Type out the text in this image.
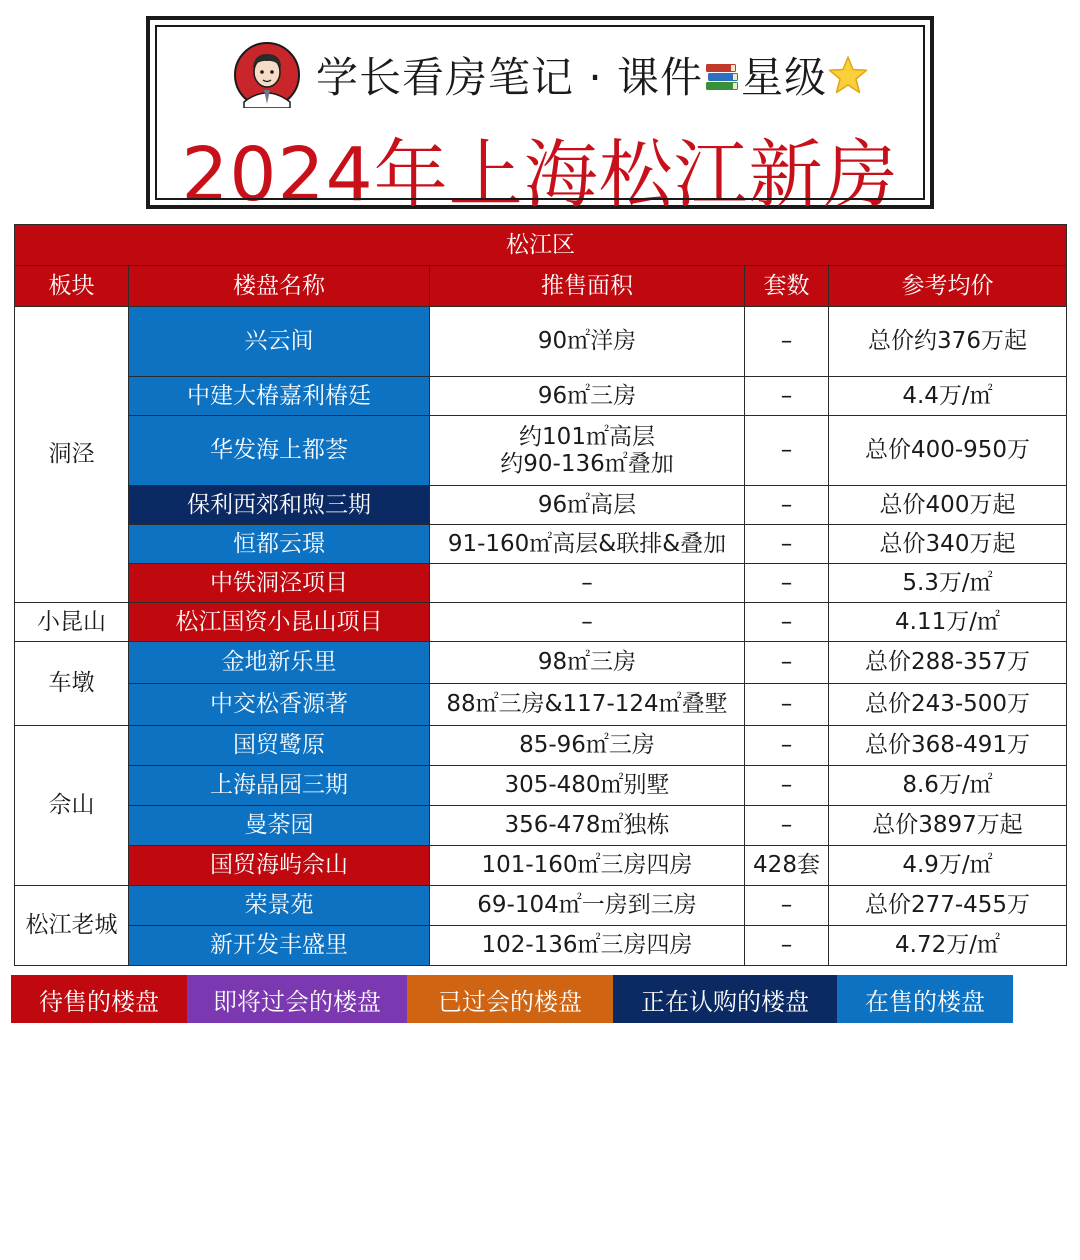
学长看房笔记 · 课件 星级
2024年上海松江新房
松江区				
板块	楼盘名称	推售面积	套数	参考均价
洞泾	兴云间	90㎡洋房	–	总价约376万起
	中建大椿嘉利椿廷	96㎡三房	–	4.4万/㎡
	华发海上都荟	约101㎡高层
约90-136㎡叠加	–	总价400-950万
	保利西郊和煦三期	96㎡高层	–	总价400万起
	恒都云璟	91-160㎡高层&联排&叠加	–	总价340万起
	中铁洞泾项目	–	–	5.3万/㎡
小昆山	松江国资小昆山项目	–	–	4.11万/㎡
车墩	金地新乐里	98㎡三房	–	总价288-357万
	中交松香源著	88㎡三房&117-124㎡叠墅	–	总价243-500万
佘山	国贸鹭原	85-96㎡三房	–	总价368-491万
	上海晶园三期	305-480㎡别墅	–	8.6万/㎡
	曼荼园	356-478㎡独栋	–	总价3897万起
	国贸海屿佘山	101-160㎡三房四房	428套	4.9万/㎡
松江老城	荣景苑	69-104㎡一房到三房	–	总价277-455万
	新开发丰盛里	102-136㎡三房四房	–	4.72万/㎡
待售的楼盘	即将过会的楼盘	已过会的楼盘	正在认购的楼盘	在售的楼盘
